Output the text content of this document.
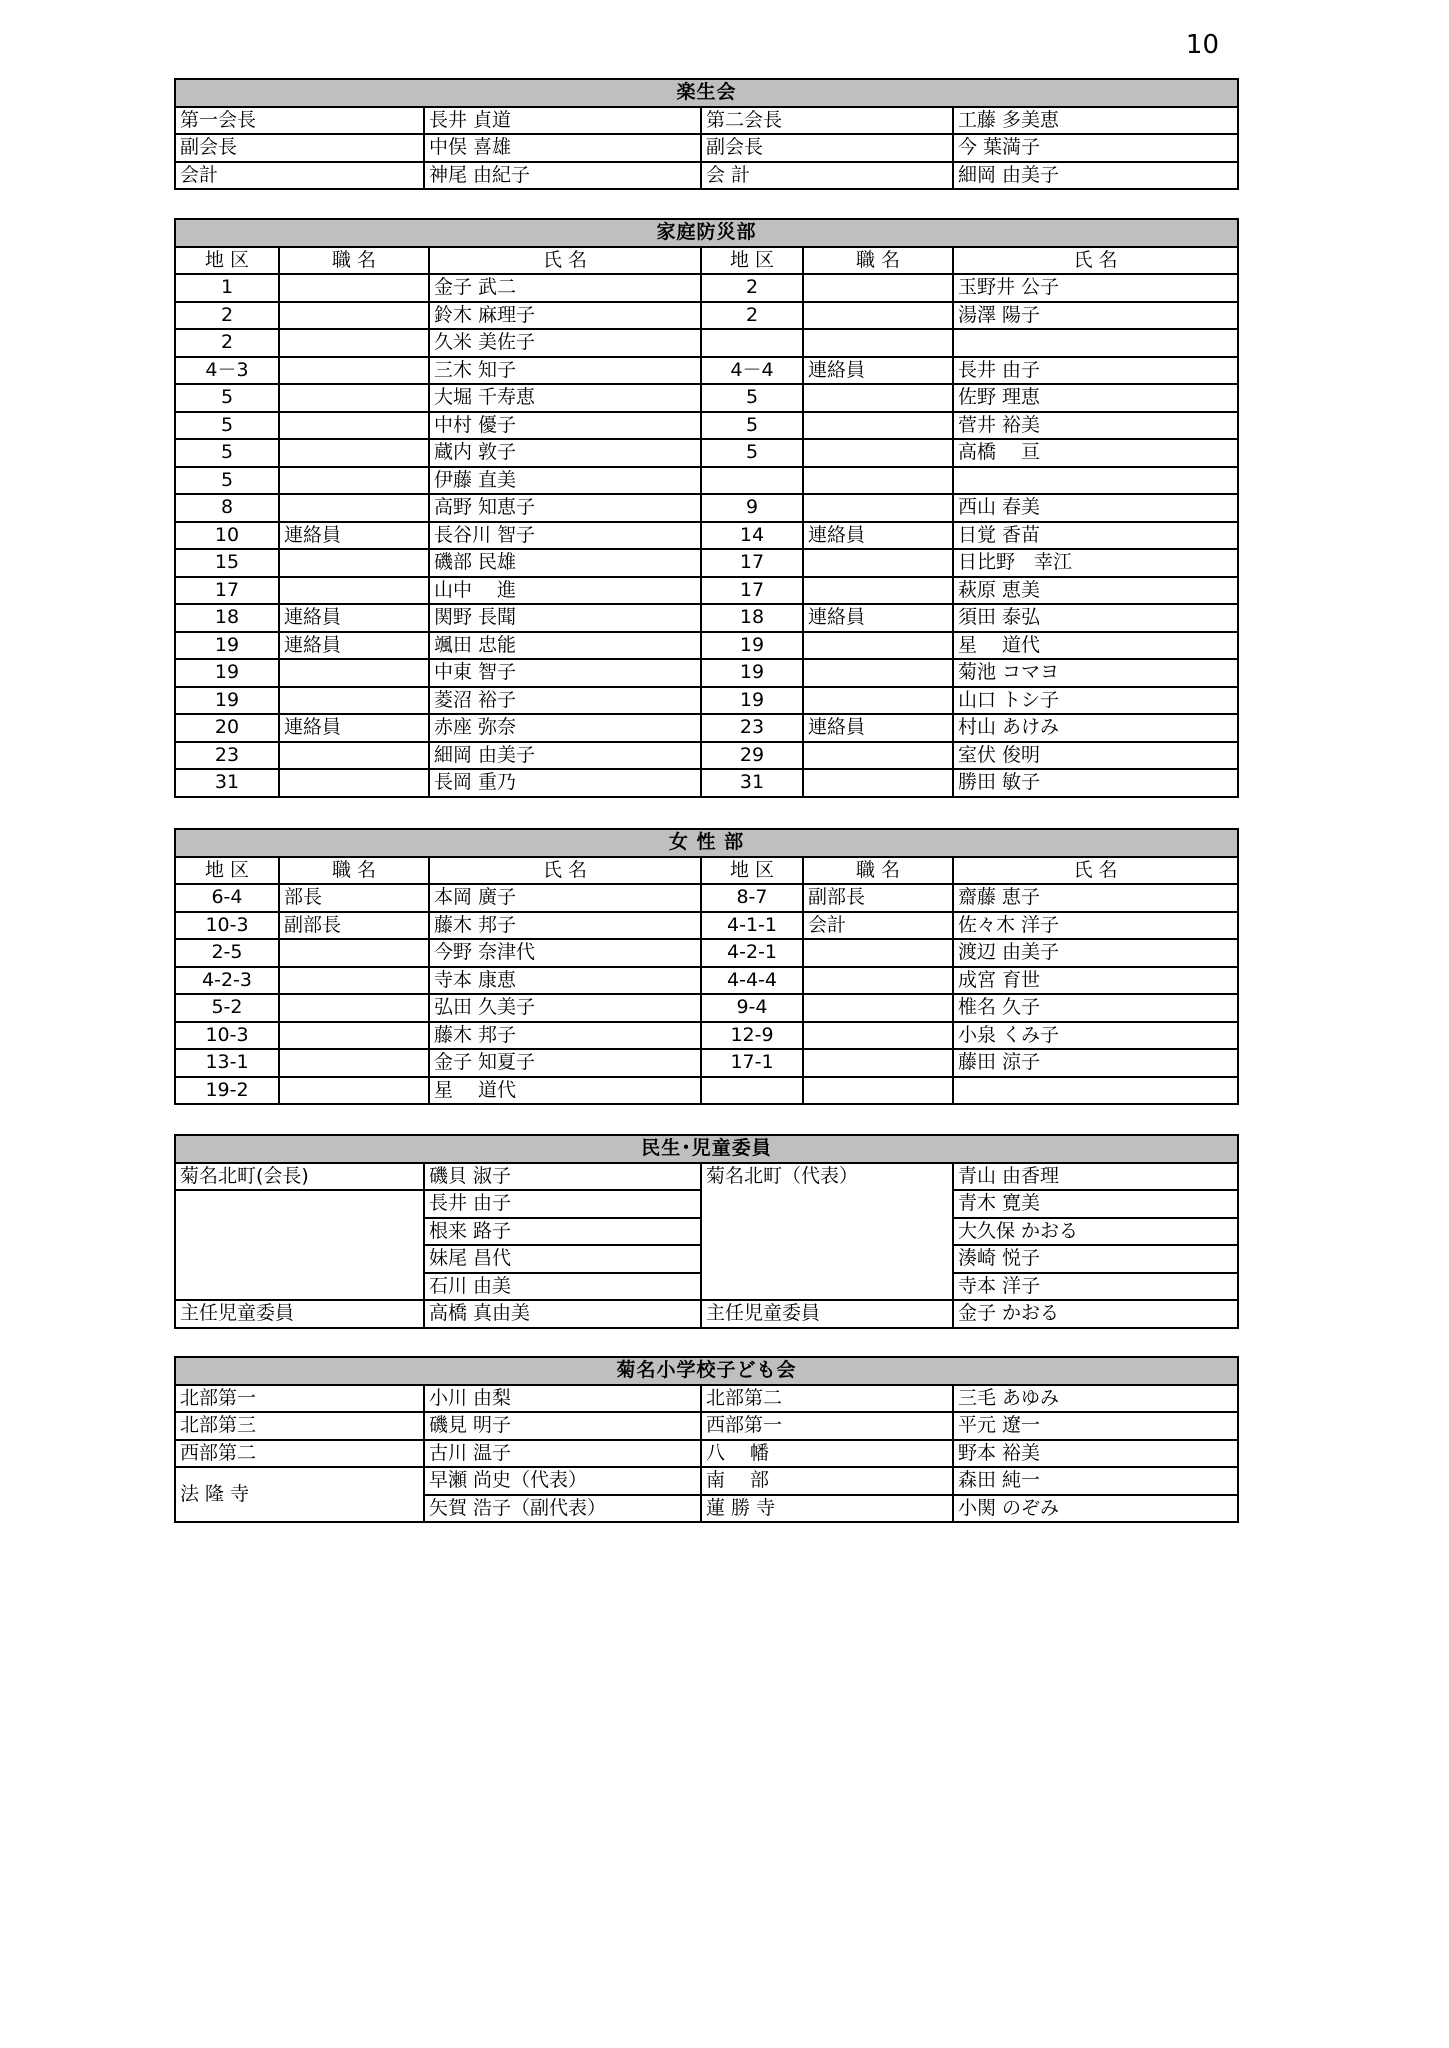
10
楽生会			
第一会長	長井 貞道	第二会長	工藤 多美恵
副会長	中俣 喜雄	副会長	今 葉満子
会計	神尾 由紀子	会 計	細岡 由美子
家庭防災部					
地 区	職 名	氏 名	地 区	職 名	氏 名
1		金子 武二	2		玉野井 公子
2		鈴木 麻理子	2		湯澤 陽子
2		久米 美佐子			
4－3		三木 知子	4－4	連絡員	長井 由子
5		大堀 千寿恵	5		佐野 理恵
5		中村 優子	5		菅井 裕美
5		蔵内 敦子	5		高橋　 亘
5		伊藤 直美			
8		高野 知恵子	9		西山 春美
10	連絡員	長谷川 智子	14	連絡員	日覚 香苗
15		磯部 民雄	17		日比野　幸江
17		山中　 進	17		萩原 恵美
18	連絡員	関野 長聞	18	連絡員	須田 泰弘
19	連絡員	颯田 忠能	19		星　 道代
19		中東 智子	19		菊池 コマヨ
19		菱沼 裕子	19		山口 トシ子
20	連絡員	赤座 弥奈	23	連絡員	村山 あけみ
23		細岡 由美子	29		室伏 俊明
31		長岡 重乃	31		勝田 敏子
女 性 部					
地 区	職 名	氏 名	地 区	職 名	氏 名
6-4	部長	本岡 廣子	8-7	副部長	齋藤 恵子
10-3	副部長	藤木 邦子	4-1-1	会計	佐々木 洋子
2-5		今野 奈津代	4-2-1		渡辺 由美子
4-2-3		寺本 康恵	4-4-4		成宮 育世
5-2		弘田 久美子	9-4		椎名 久子
10-3		藤木 邦子	12-9		小泉 くみ子
13-1		金子 知夏子	17-1		藤田 涼子
19-2		星　 道代			
民生･児童委員			
菊名北町(会長)	磯貝 淑子	菊名北町（代表）	青山 由香理
	長井 由子		青木 寛美
	根来 路子		大久保 かおる
	妹尾 昌代		湊崎 悦子
	石川 由美		寺本 洋子
主任児童委員	高橋 真由美	主任児童委員	金子 かおる
菊名小学校子ども会			
北部第一	小川 由梨	北部第二	三毛 あゆみ
北部第三	磯見 明子	西部第一	平元 遼一
西部第二	古川 温子	八　 幡	野本 裕美
法 隆 寺	早瀬 尚史（代表）	南　 部	森田 純一
	矢賀 浩子（副代表）	蓮 勝 寺	小関 のぞみ
